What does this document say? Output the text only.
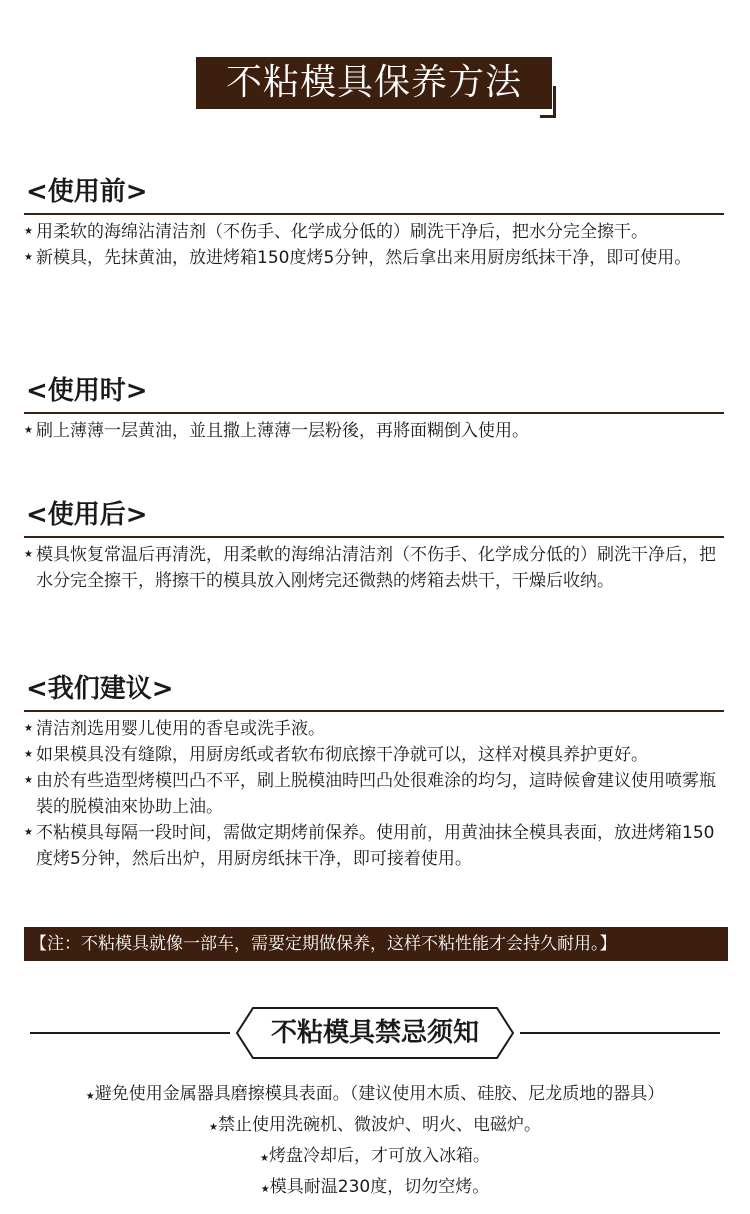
不粘模具保养方法
<使用前>
★ 用柔软的海绵沾清洁剂（不伤手、化学成分低的）刷洗干净后，把水分完全擦干。
★ 新模具，先抹黄油，放进烤箱150度烤5分钟，然后拿出来用厨房纸抹干净，即可使用。
<使用时>
★ 刷上薄薄一层黄油，並且撒上薄薄一层粉後，再將面糊倒入使用。
<使用后>
★ 模具恢复常温后再清洗，用柔軟的海绵沾清洁剂（不伤手、化学成分低的）刷洗干净后，把水分完全擦干，將擦干的模具放入刚烤完还微熱的烤箱去烘干，干燥后收纳。
<我们建议>
★ 清洁剂选用婴儿使用的香皂或洗手液。
★ 如果模具没有缝隙，用厨房纸或者软布彻底擦干净就可以，这样对模具养护更好。
★ 由於有些造型烤模凹凸不平，刷上脱模油時凹凸处很难涂的均匀，這時候會建议使用喷雾瓶裝的脱模油來协助上油。
★ 不粘模具每隔一段时间，需做定期烤前保养。使用前，用黄油抹全模具表面，放进烤箱150度烤5分钟，然后出炉，用厨房纸抹干净，即可接着使用。
【注：不粘模具就像一部车，需要定期做保养，这样不粘性能才会持久耐用。】
不粘模具禁忌须知
★避免使用金属器具磨擦模具表面。（建议使用木质、硅胶、尼龙质地的器具）
★禁止使用洗碗机、微波炉、明火、电磁炉。
★烤盘冷却后，才可放入冰箱。
★模具耐温230度，切勿空烤。
